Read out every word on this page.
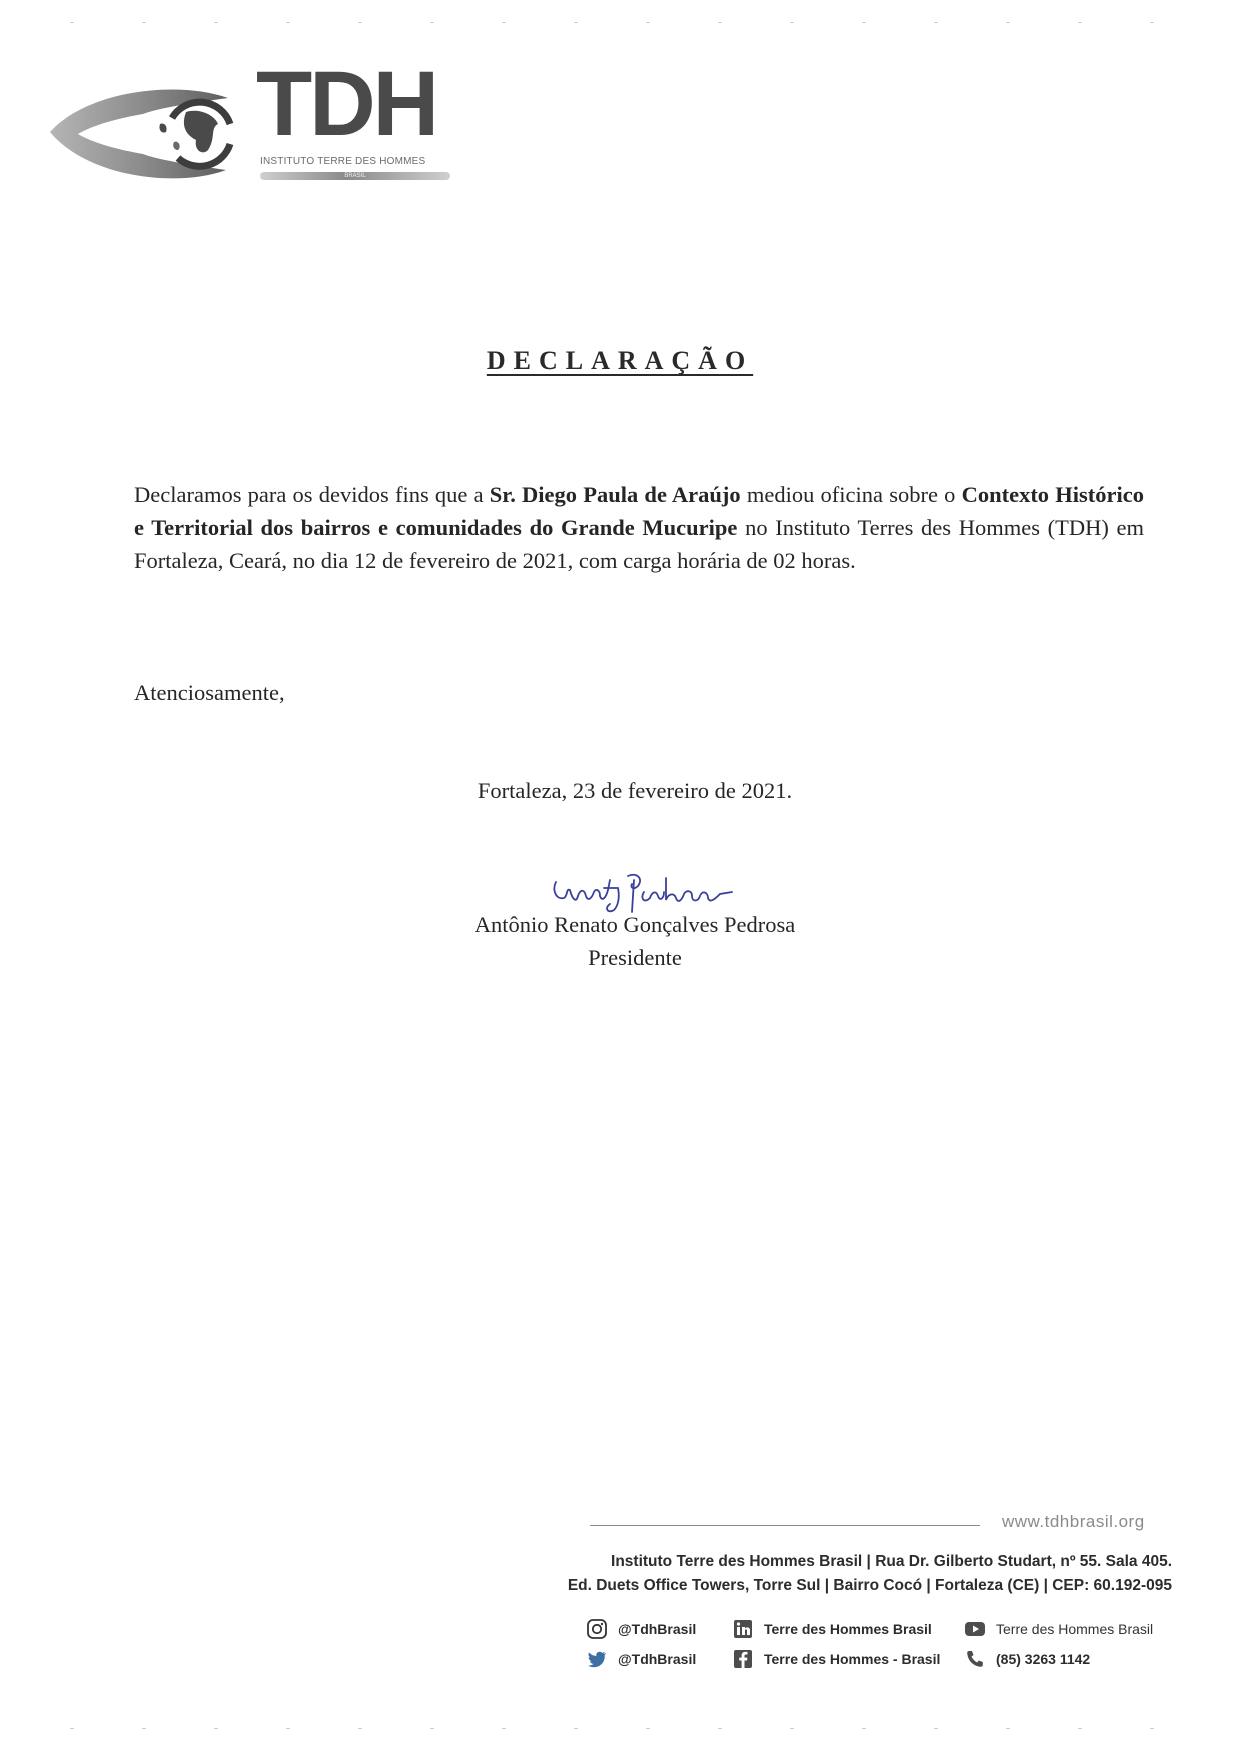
TDH
INSTITUTO TERRE DES HOMMES
BRASIL
DECLARAÇÃO
Declaramos para os devidos fins que a Sr. Diego Paula de Araújo mediou oficina sobre o Contexto Histórico e Territorial dos bairros e comunidades do Grande Mucuripe no Instituto Terres des Hommes (TDH) em Fortaleza, Ceará, no dia 12 de fevereiro de 2021, com carga horária de 02 horas.
Atenciosamente,
Fortaleza, 23 de fevereiro de 2021.
Antônio Renato Gonçalves Pedrosa
Presidente
www.tdhbrasil.org
Instituto Terre des Hommes Brasil | Rua Dr. Gilberto Studart, nº 55. Sala 405.
Ed. Duets Office Towers, Torre Sul | Bairro Cocó | Fortaleza (CE) | CEP: 60.192-095
@TdhBrasil	Terre des Hommes Brasil	Terre des Hommes Brasil
@TdhBrasil	Terre des Hommes - Brasil	(85) 3263 1142
